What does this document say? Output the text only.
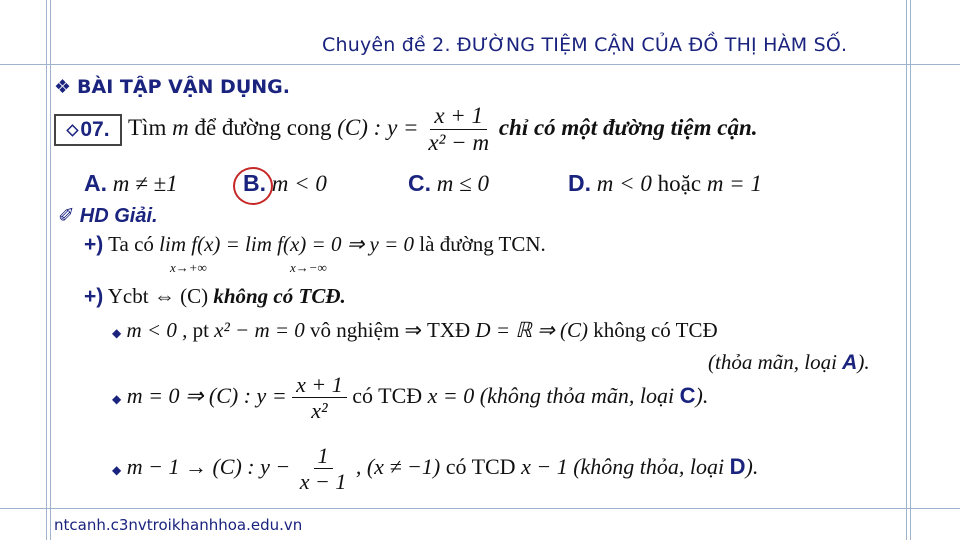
Chuyên đề 2. ĐƯỜNG TIỆM CẬN CỦA ĐỒ THỊ HÀM SỐ.
❖ BÀI TẬP VẬN DỤNG.
⬦ 07. Tìm m để đường cong (C) : $y = \frac{x + 1}{\text{x² − m}}$ chỉ có một đường tiệm cận.
A. m ≠ ±1	B. m < 0	C. m ≤ 0	D. m < 0 hoặc m = 1
✐ HD Giải.
+) Ta có lim f(x) = lim f(x) = 0 ⇒ y = 0 là đường TCN.
x→+∞	x→−∞
+) Ycbt ⇔ (C) không có TCĐ.
◆ m < 0 , pt x² − m = 0 vô nghiệm ⇒ TXĐ D = ℝ ⇒ (C) không có TCĐ
(thỏa mãn, loại A).
◆ m = 0 ⇒ (C) : $y = \frac{x + 1}{\text{x²}}$ có TCĐ x = 0 (không thỏa mãn, loại C).
◆ m − 1 → (C) : $y - \frac{1}{x - 1}$ , (x ≠ −1) có TCD x − 1 (không thỏa, loại D).
ntcanh.c3nvtroikhanhhoa.edu.vn
